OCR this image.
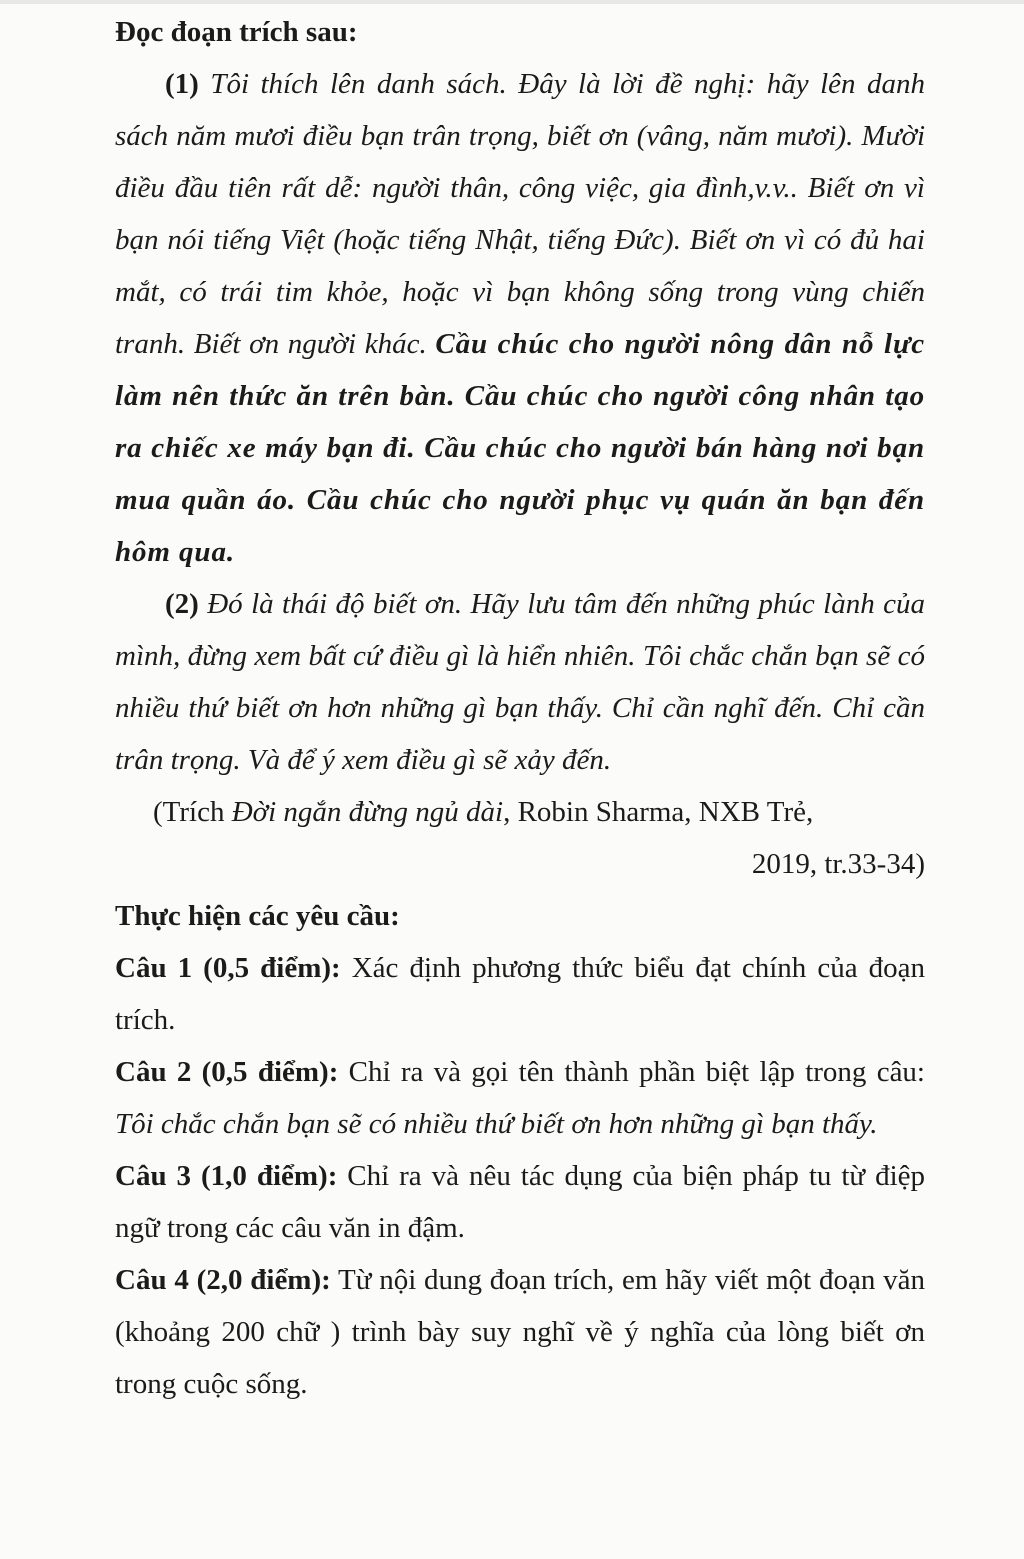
Đọc đoạn trích sau:

(1) Tôi thích lên danh sách. Đây là lời đề nghị: hãy lên danh sách năm mươi điều bạn trân trọng, biết ơn (vâng, năm mươi). Mười điều đầu tiên rất dễ: người thân, công việc, gia đình,v.v.. Biết ơn vì bạn nói tiếng Việt (hoặc tiếng Nhật, tiếng Đức). Biết ơn vì có đủ hai mắt, có trái tim khỏe, hoặc vì bạn không sống trong vùng chiến tranh. Biết ơn người khác. Cầu chúc cho người nông dân nỗ lực làm nên thức ăn trên bàn. Cầu chúc cho người công nhân tạo ra chiếc xe máy bạn đi. Cầu chúc cho người bán hàng nơi bạn mua quần áo. Cầu chúc cho người phục vụ quán ăn bạn đến hôm qua.

(2) Đó là thái độ biết ơn. Hãy lưu tâm đến những phúc lành của mình, đừng xem bất cứ điều gì là hiển nhiên. Tôi chắc chắn bạn sẽ có nhiều thứ biết ơn hơn những gì bạn thấy. Chỉ cần nghĩ đến. Chỉ cần trân trọng. Và để ý xem điều gì sẽ xảy đến.

(Trích Đời ngắn đừng ngủ dài, Robin Sharma, NXB Trẻ,

2019, tr.33-34)

Thực hiện các yêu cầu:

Câu 1 (0,5 điểm): Xác định phương thức biểu đạt chính của đoạn trích.

Câu 2 (0,5 điểm): Chỉ ra và gọi tên thành phần biệt lập trong câu: Tôi chắc chắn bạn sẽ có nhiều thứ biết ơn hơn những gì bạn thấy.

Câu 3 (1,0 điểm): Chỉ ra và nêu tác dụng của biện pháp tu từ điệp ngữ trong các câu văn in đậm.

Câu 4 (2,0 điểm): Từ nội dung đoạn trích, em hãy viết một đoạn văn (khoảng 200 chữ ) trình bày suy nghĩ về ý nghĩa của lòng biết ơn trong cuộc sống.
